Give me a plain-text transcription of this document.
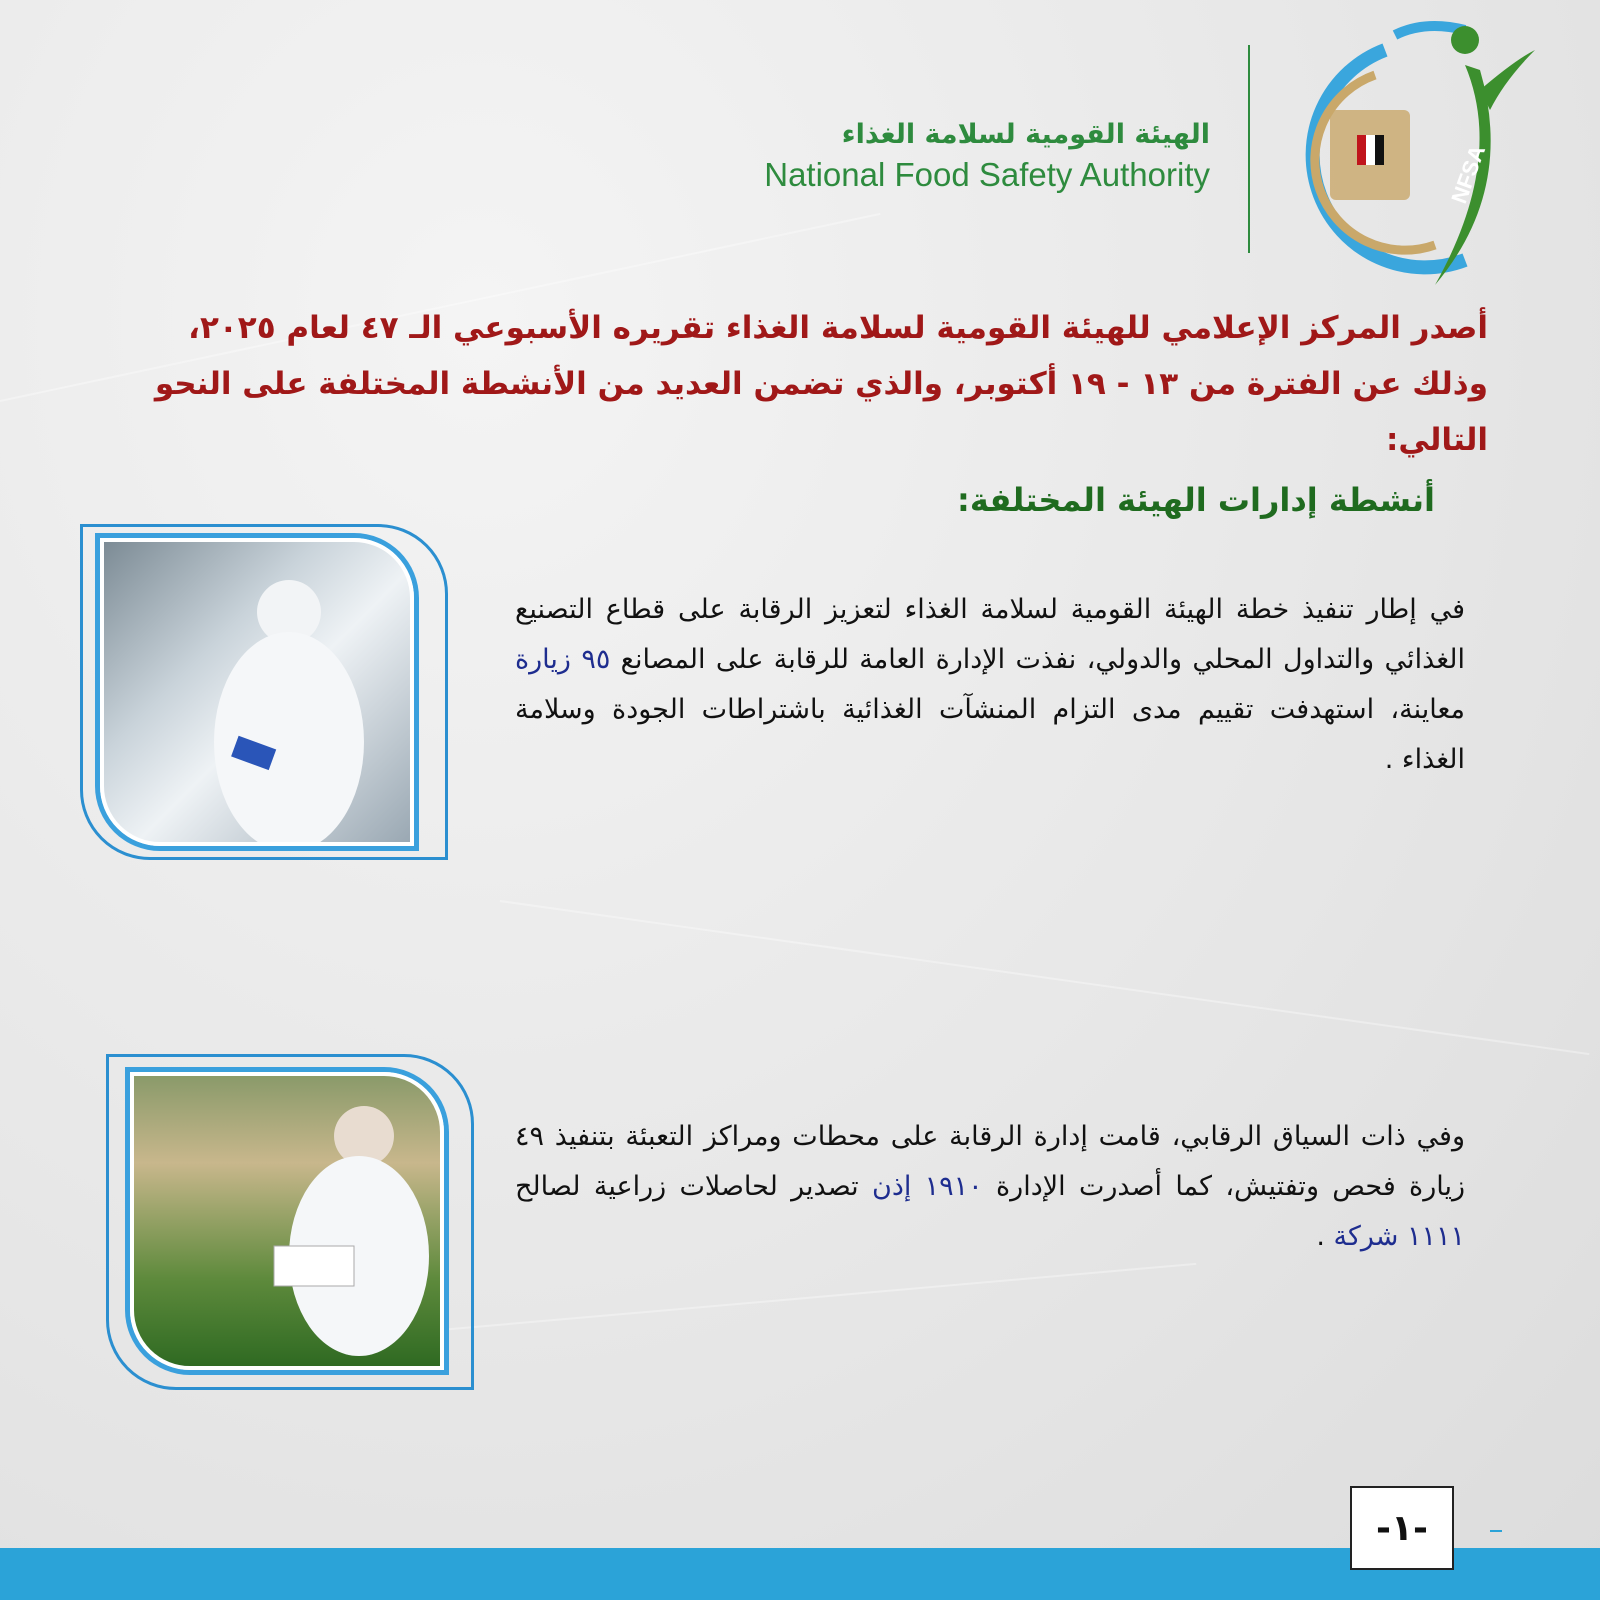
الهيئة القومية لسلامة الغذاء
National Food Safety Authority	NFSA
أصدر المركز الإعلامي للهيئة القومية لسلامة الغذاء تقريره الأسبوعي الـ ٤٧ لعام ٢٠٢٥،
وذلك عن الفترة من ١٣ - ١٩ أكتوبر، والذي تضمن العديد من الأنشطة المختلفة على النحو التالي:
أنشطة إدارات الهيئة المختلفة:
في إطار تنفيذ خطة الهيئة القومية لسلامة الغذاء لتعزيز الرقابة على قطاع التصنيع الغذائي والتداول المحلي والدولي، نفذت الإدارة العامة للرقابة على المصانع ٩٥ زيارة معاينة، استهدفت تقييم مدى التزام المنشآت الغذائية باشتراطات الجودة وسلامة الغذاء .
وفي ذات السياق الرقابي، قامت إدارة الرقابة على محطات ومراكز التعبئة بتنفيذ ٤٩ زيارة فحص وتفتيش، كما أصدرت الإدارة ١٩١٠ إذن تصدير لحاصلات زراعية لصالح ١١١١ شركة .
-١-
